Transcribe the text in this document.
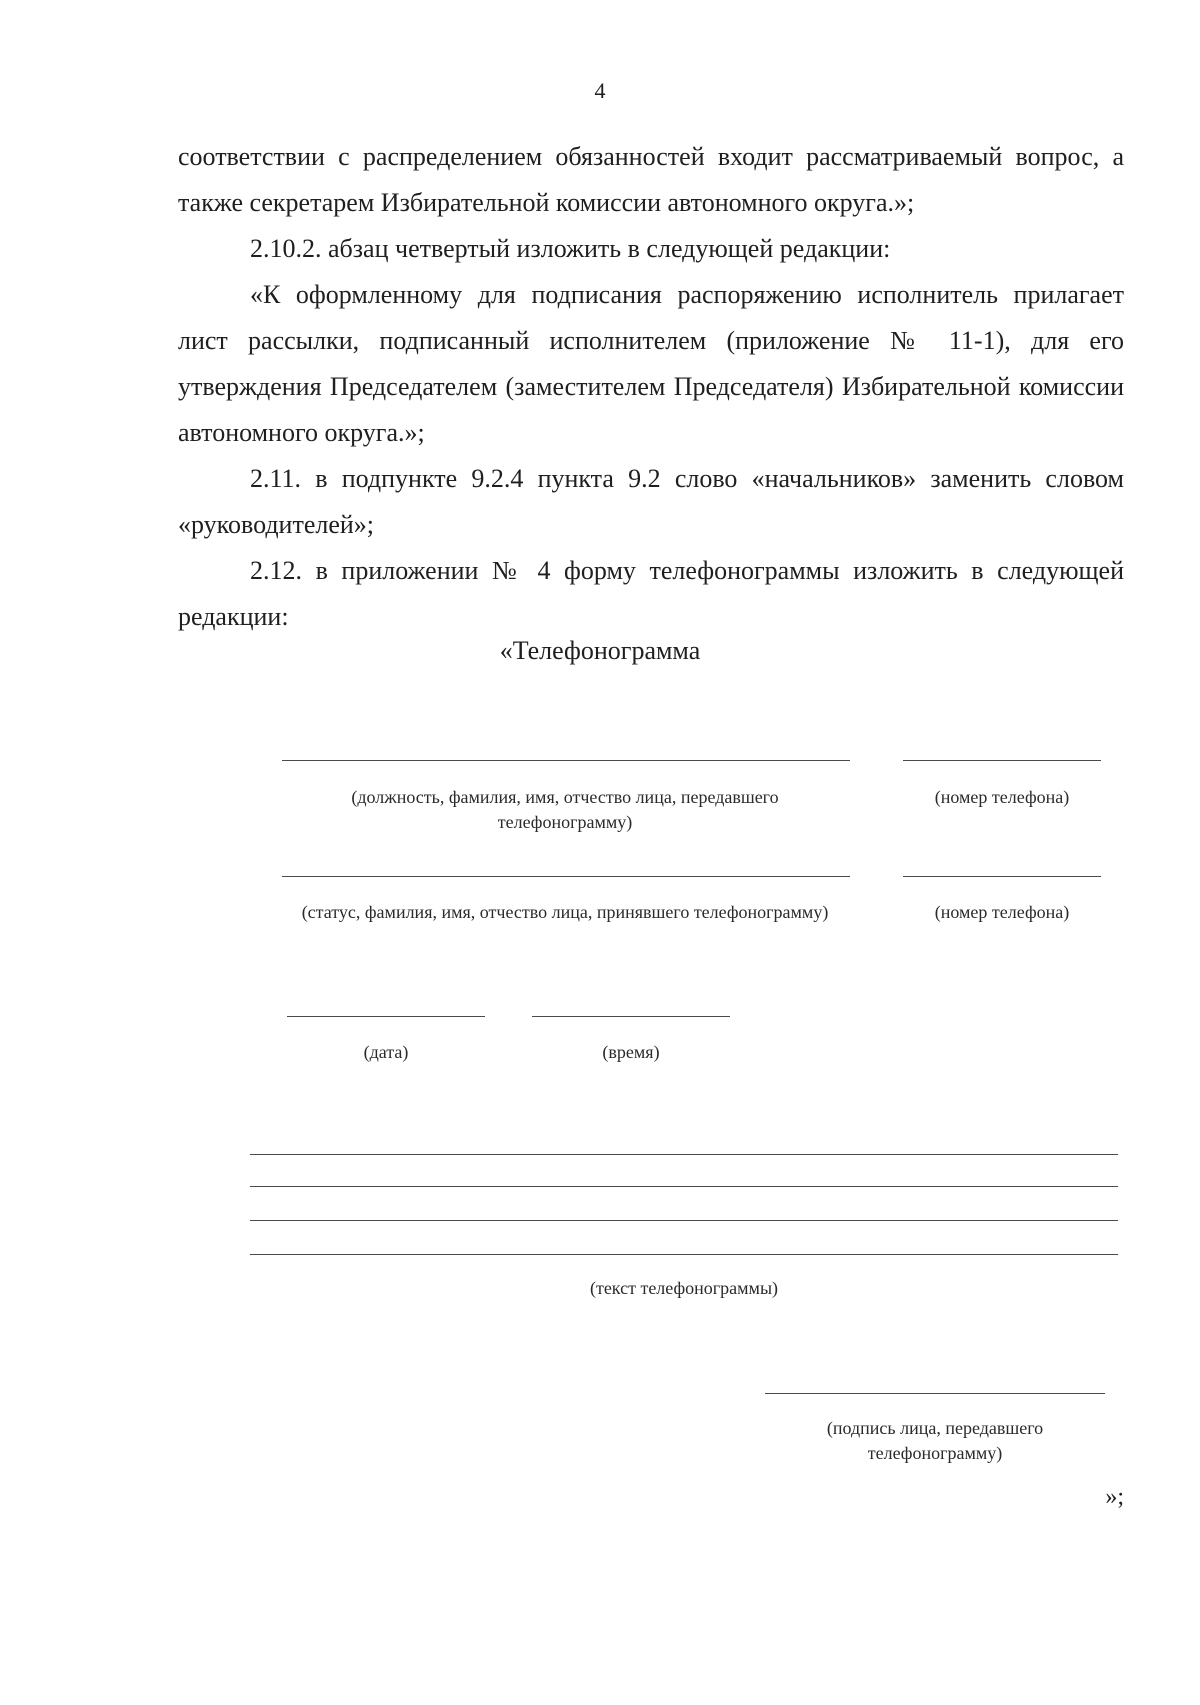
4

соответствии с распределением обязанностей входит рассматриваемый вопрос, а также секретарем Избирательной комиссии автономного округа.»;

2.10.2. абзац четвертый изложить в следующей редакции:

«К оформленному для подписания распоряжению исполнитель прилагает лист рассылки, подписанный исполнителем (приложение № 11-1), для его утверждения Председателем (заместителем Председателя) Избирательной комиссии автономного округа.»;

2.11. в подпункте 9.2.4 пункта 9.2 слово «начальников» заменить словом «руководителей»;

2.12. в приложении № 4 форму телефонограммы изложить в следующей редакции:

«Телефонограмма
(должность, фамилия, имя, отчество лица, передавшего телефонограмму)
(номер телефона)
(статус, фамилия, имя, отчество лица, принявшего телефонограмму)	(номер телефона)
(дата)	(время)
(текст телефонограммы)
(подпись лица, передавшего телефонограмму)
»;
